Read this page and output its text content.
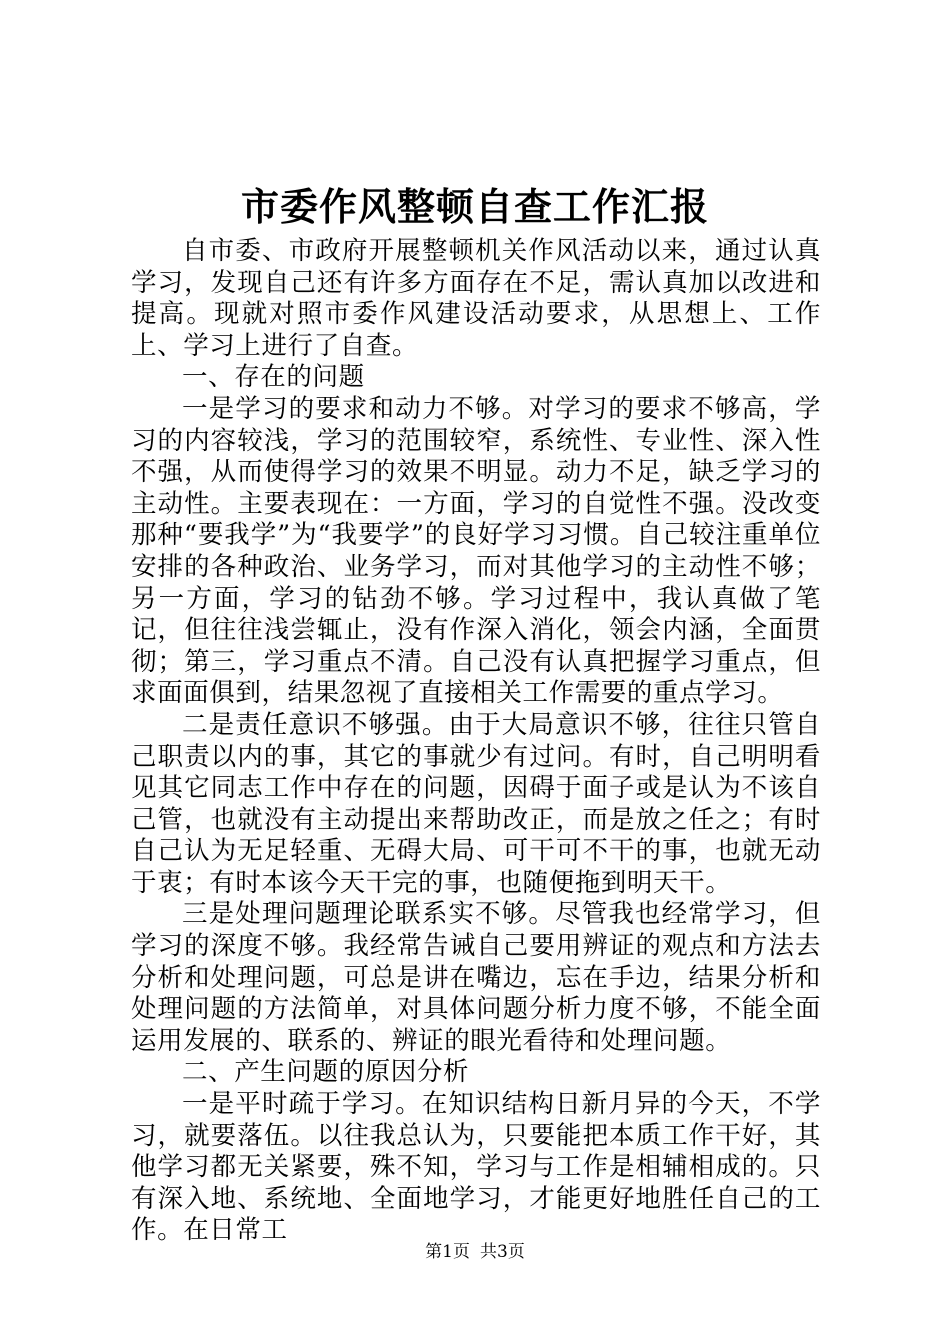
市委作风整顿自查工作汇报

自市委、市政府开展整顿机关作风活动以来，通过认真学习，发现自己还有许多方面存在不足，需认真加以改进和提高。现就对照市委作风建设活动要求，从思想上、工作上、学习上进行了自查。

一、存在的问题

一是学习的要求和动力不够。对学习的要求不够高，学习的内容较浅，学习的范围较窄，系统性、专业性、深入性不强，从而使得学习的效果不明显。动力不足，缺乏学习的主动性。主要表现在：一方面，学习的自觉性不强。没改变那种“要我学”为“我要学”的良好学习习惯。自己较注重单位安排的各种政治、业务学习，而对其他学习的主动性不够；另一方面，学习的钻劲不够。学习过程中，我认真做了笔记，但往往浅尝辄止，没有作深入消化，领会内涵，全面贯彻；第三，学习重点不清。自己没有认真把握学习重点，但求面面俱到，结果忽视了直接相关工作需要的重点学习。

二是责任意识不够强。由于大局意识不够，往往只管自己职责以内的事，其它的事就少有过问。有时，自己明明看见其它同志工作中存在的问题，因碍于面子或是认为不该自己管，也就没有主动提出来帮助改正，而是放之任之；有时自己认为无足轻重、无碍大局、可干可不干的事，也就无动于衷；有时本该今天干完的事，也随便拖到明天干。

三是处理问题理论联系实不够。尽管我也经常学习，但学习的深度不够。我经常告诫自己要用辨证的观点和方法去分析和处理问题，可总是讲在嘴边，忘在手边，结果分析和处理问题的方法简单，对具体问题分析力度不够，不能全面运用发展的、联系的、辨证的眼光看待和处理问题。

二、产生问题的原因分析

一是平时疏于学习。在知识结构日新月异的今天，不学习，就要落伍。以往我总认为，只要能把本质工作干好，其他学习都无关紧要，殊不知，学习与工作是相辅相成的。只有深入地、系统地、全面地学习，才能更好地胜任自己的工作。在日常工

第1页 共3页
